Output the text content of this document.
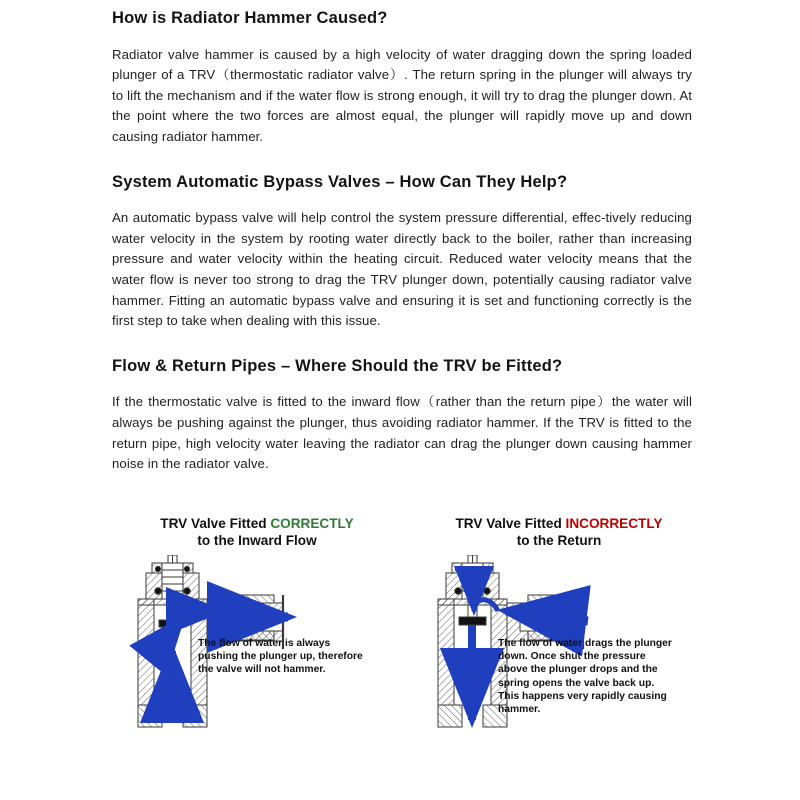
How is Radiator Hammer Caused?

Radiator valve hammer is caused by a high velocity of water dragging down the spring loaded plunger of a TRV（thermostatic radiator valve）. The return spring in the plunger will always try to lift the mechanism and if the water flow is strong enough, it will try to drag the plunger down. At the point where the two forces are almost equal, the plunger will rapidly move up and down causing radiator hammer.

System Automatic Bypass Valves – How Can They Help?

An automatic bypass valve will help control the system pressure differential, effec-tively reducing water velocity in the system by rooting water directly back to the boiler, rather than increasing pressure and water velocity within the heating circuit. Reduced water velocity means that the water flow is never too strong to drag the TRV plunger down, potentially causing radiator valve hammer. Fitting an automatic bypass valve and ensuring it is set and functioning correctly is the first step to take when dealing with this issue.

Flow & Return Pipes – Where Should the TRV be Fitted?

If the thermostatic valve is fitted to the inward flow（rather than the return pipe）the water will always be pushing against the plunger, thus avoiding radiator hammer. If the TRV is fitted to the return pipe, high velocity water leaving the radiator can drag the plunger down causing hammer noise in the radiator valve.

TRV Valve Fitted CORRECTLY
to the Inward Flow

The flow of water is always pushing the plunger up, therefore the valve will not hammer.

TRV Valve Fitted INCORRECTLY
to the Return

The flow of water drags the plunger down. Once shut the pressure above the plunger drops and the spring opens the valve back up. This happens very rapidly causing hammer.
